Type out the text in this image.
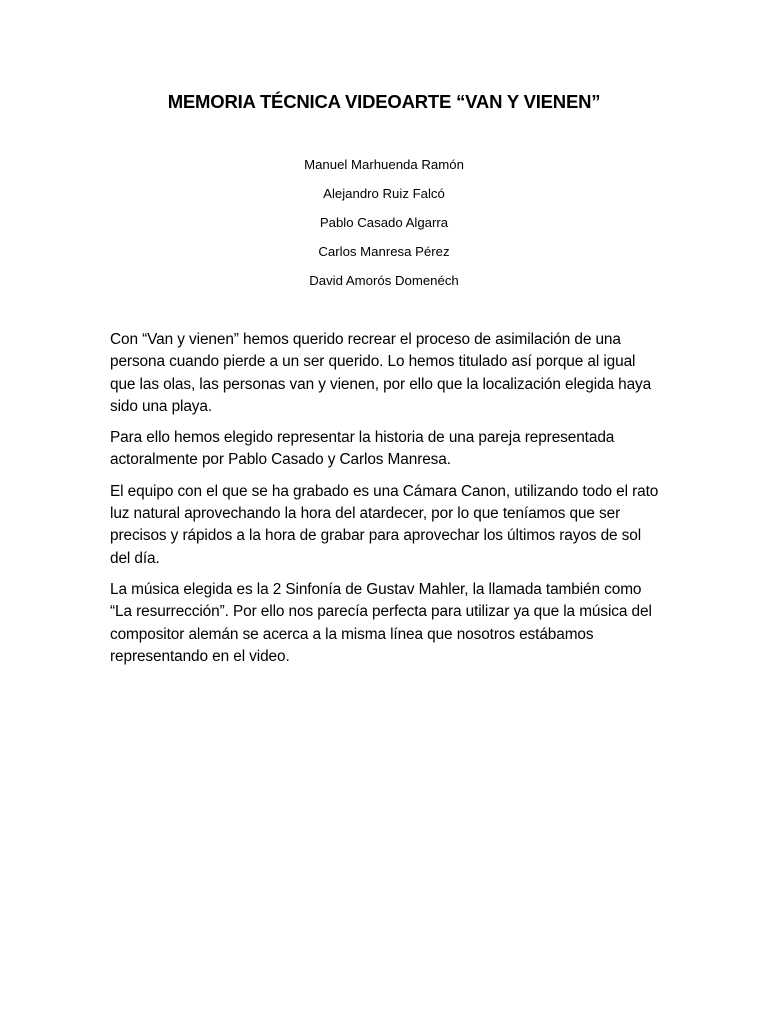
MEMORIA TÉCNICA VIDEOARTE “VAN Y VIENEN”
Manuel Marhuenda Ramón
Alejandro Ruiz Falcó
Pablo Casado Algarra
Carlos Manresa Pérez
David Amorós Domenéch

Con “Van y vienen” hemos querido recrear el proceso de asimilación de una persona cuando pierde a un ser querido. Lo hemos titulado así porque al igual que las olas, las personas van y vienen, por ello que la localización elegida haya sido una playa.

Para ello hemos elegido representar la historia de una pareja representada actoralmente por Pablo Casado y Carlos Manresa.

El equipo con el que se ha grabado es una Cámara Canon, utilizando todo el rato luz natural aprovechando la hora del atardecer, por lo que teníamos que ser precisos y rápidos a la hora de grabar para aprovechar los últimos rayos de sol del día.

La música elegida es la 2 Sinfonía de Gustav Mahler, la llamada también como “La resurrección”. Por ello nos parecía perfecta para utilizar ya que la música del compositor alemán se acerca a la misma línea que nosotros estábamos representando en el video.
